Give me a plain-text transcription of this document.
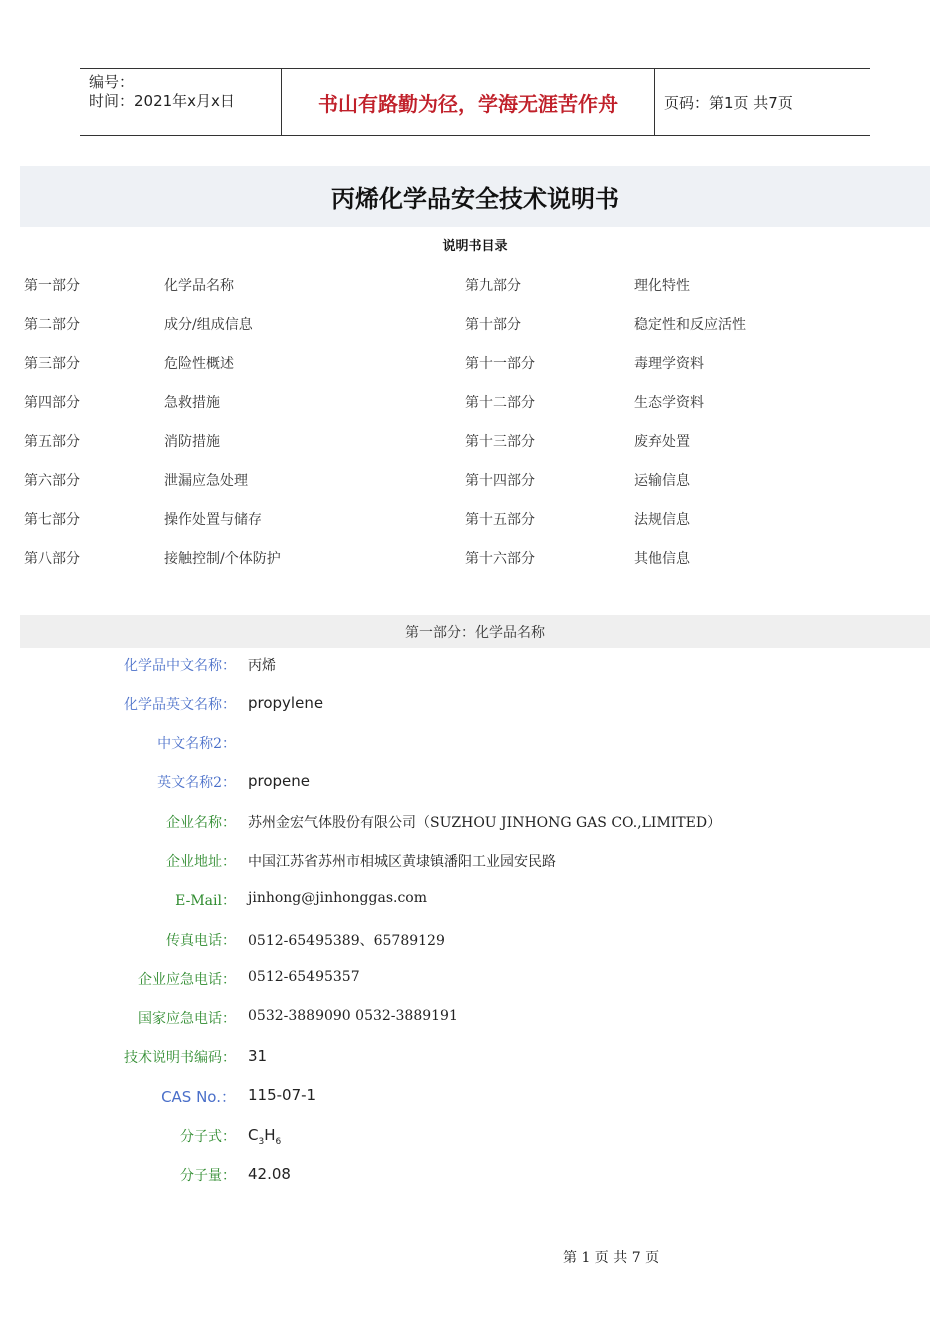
编号：
时间：2021年x月x日	书山有路勤为径，学海无涯苦作舟	页码：第1页 共7页
丙烯化学品安全技术说明书
说明书目录
第一部分	化学品名称	第九部分	理化特性
第二部分	成分/组成信息	第十部分	稳定性和反应活性
第三部分	危险性概述	第十一部分	毒理学资料
第四部分	急救措施	第十二部分	生态学资料
第五部分	消防措施	第十三部分	废弃处置
第六部分	泄漏应急处理	第十四部分	运输信息
第七部分	操作处置与储存	第十五部分	法规信息
第八部分	接触控制/个体防护	第十六部分	其他信息
第一部分：化学品名称
化学品中文名称： 丙烯
化学品英文名称： propylene
中文名称2：
英文名称2： propene
企业名称： 苏州金宏气体股份有限公司（SUZHOU JINHONG GAS CO.,LIMITED）
企业地址： 中国江苏省苏州市相城区黄埭镇潘阳工业园安民路
E-Mail： jinhong@jinhonggas.com
传真电话： 0512-65495389、65789129
企业应急电话： 0512-65495357
国家应急电话： 0532-3889090 0532-3889191
技术说明书编码： 31
CAS No.： 115-07-1
分子式： $C_3H_6$
分子量： 42.08
第 1 页 共 7 页
